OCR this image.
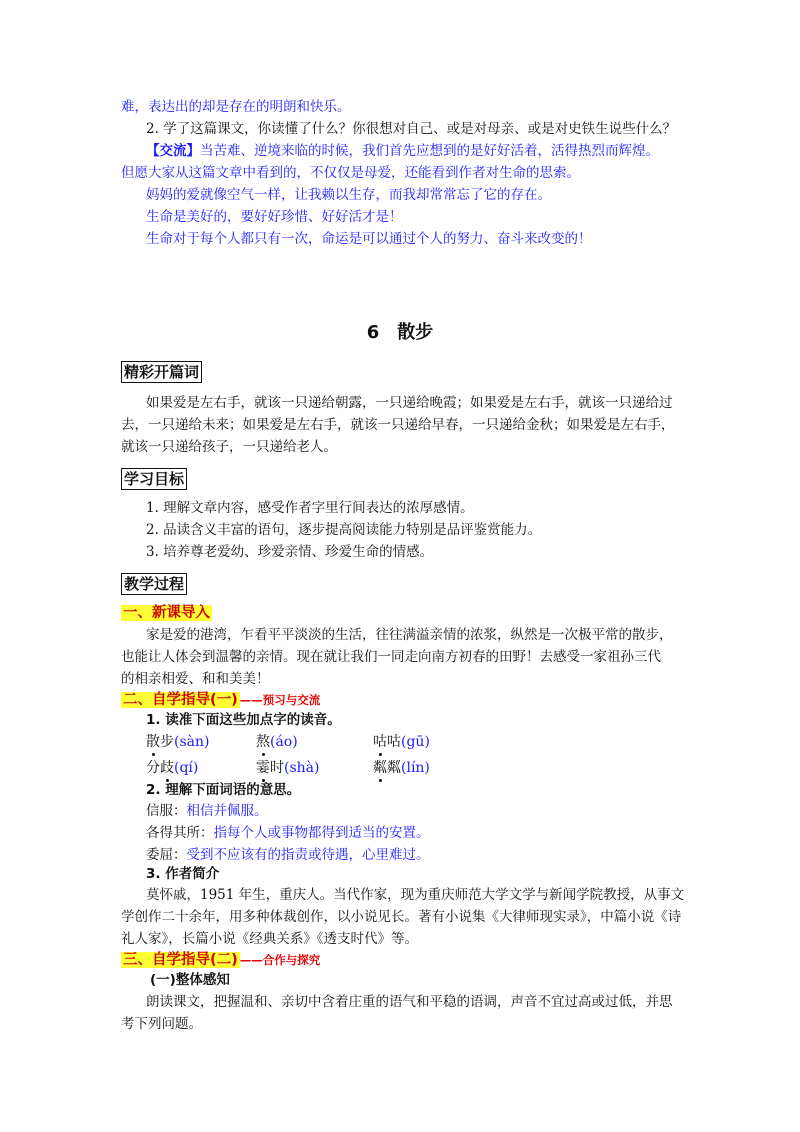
难，表达出的却是存在的明朗和快乐。
2. 学了这篇课文，你读懂了什么？你很想对自己、或是对母亲、或是对史铁生说些什么？
【交流】当苦难、逆境来临的时候，我们首先应想到的是好好活着，活得热烈而辉煌。
但愿大家从这篇文章中看到的，不仅仅是母爱，还能看到作者对生命的思索。
妈妈的爱就像空气一样，让我赖以生存，而我却常常忘了它的存在。
生命是美好的，要好好珍惜、好好活才是！
生命对于每个人都只有一次，命运是可以通过个人的努力、奋斗来改变的！
6　散步
精彩开篇词
如果爱是左右手，就该一只递给朝露，一只递给晚霞；如果爱是左右手，就该一只递给过
去，一只递给未来；如果爱是左右手，就该一只递给早春，一只递给金秋；如果爱是左右手，
就该一只递给孩子，一只递给老人。
学习目标
1. 理解文章内容，感受作者字里行间表达的浓厚感情。
2. 品读含义丰富的语句，逐步提高阅读能力特别是品评鉴赏能力。
3. 培养尊老爱幼、珍爱亲情、珍爱生命的情感。
教学过程
一、新课导入
家是爱的港湾，乍看平平淡淡的生活，往往满溢亲情的浓浆，纵然是一次极平常的散步，
也能让人体会到温馨的亲情。现在就让我们一同走向南方初春的田野！去感受一家祖孙三代
的相亲相爱、和和美美！
二、自学指导(一) ——预习与交流
1. 读准下面这些加点字的读音。
散步(sàn)	熬(áo)	咕咕(gū)
分歧(qí)	霎时(shà)	粼粼(lín)
2. 理解下面词语的意思。
信服：相信并佩服。
各得其所：指每个人或事物都得到适当的安置。
委屈：受到不应该有的指责或待遇，心里难过。
3. 作者简介
莫怀戚，1951 年生，重庆人。当代作家，现为重庆师范大学文学与新闻学院教授，从事文
学创作二十余年，用多种体裁创作，以小说见长。著有小说集《大律师现实录》，中篇小说《诗
礼人家》，长篇小说《经典关系》《透支时代》等。
三、自学指导(二) ——合作与探究
(一)整体感知
朗读课文，把握温和、亲切中含着庄重的语气和平稳的语调，声音不宜过高或过低，并思
考下列问题。
